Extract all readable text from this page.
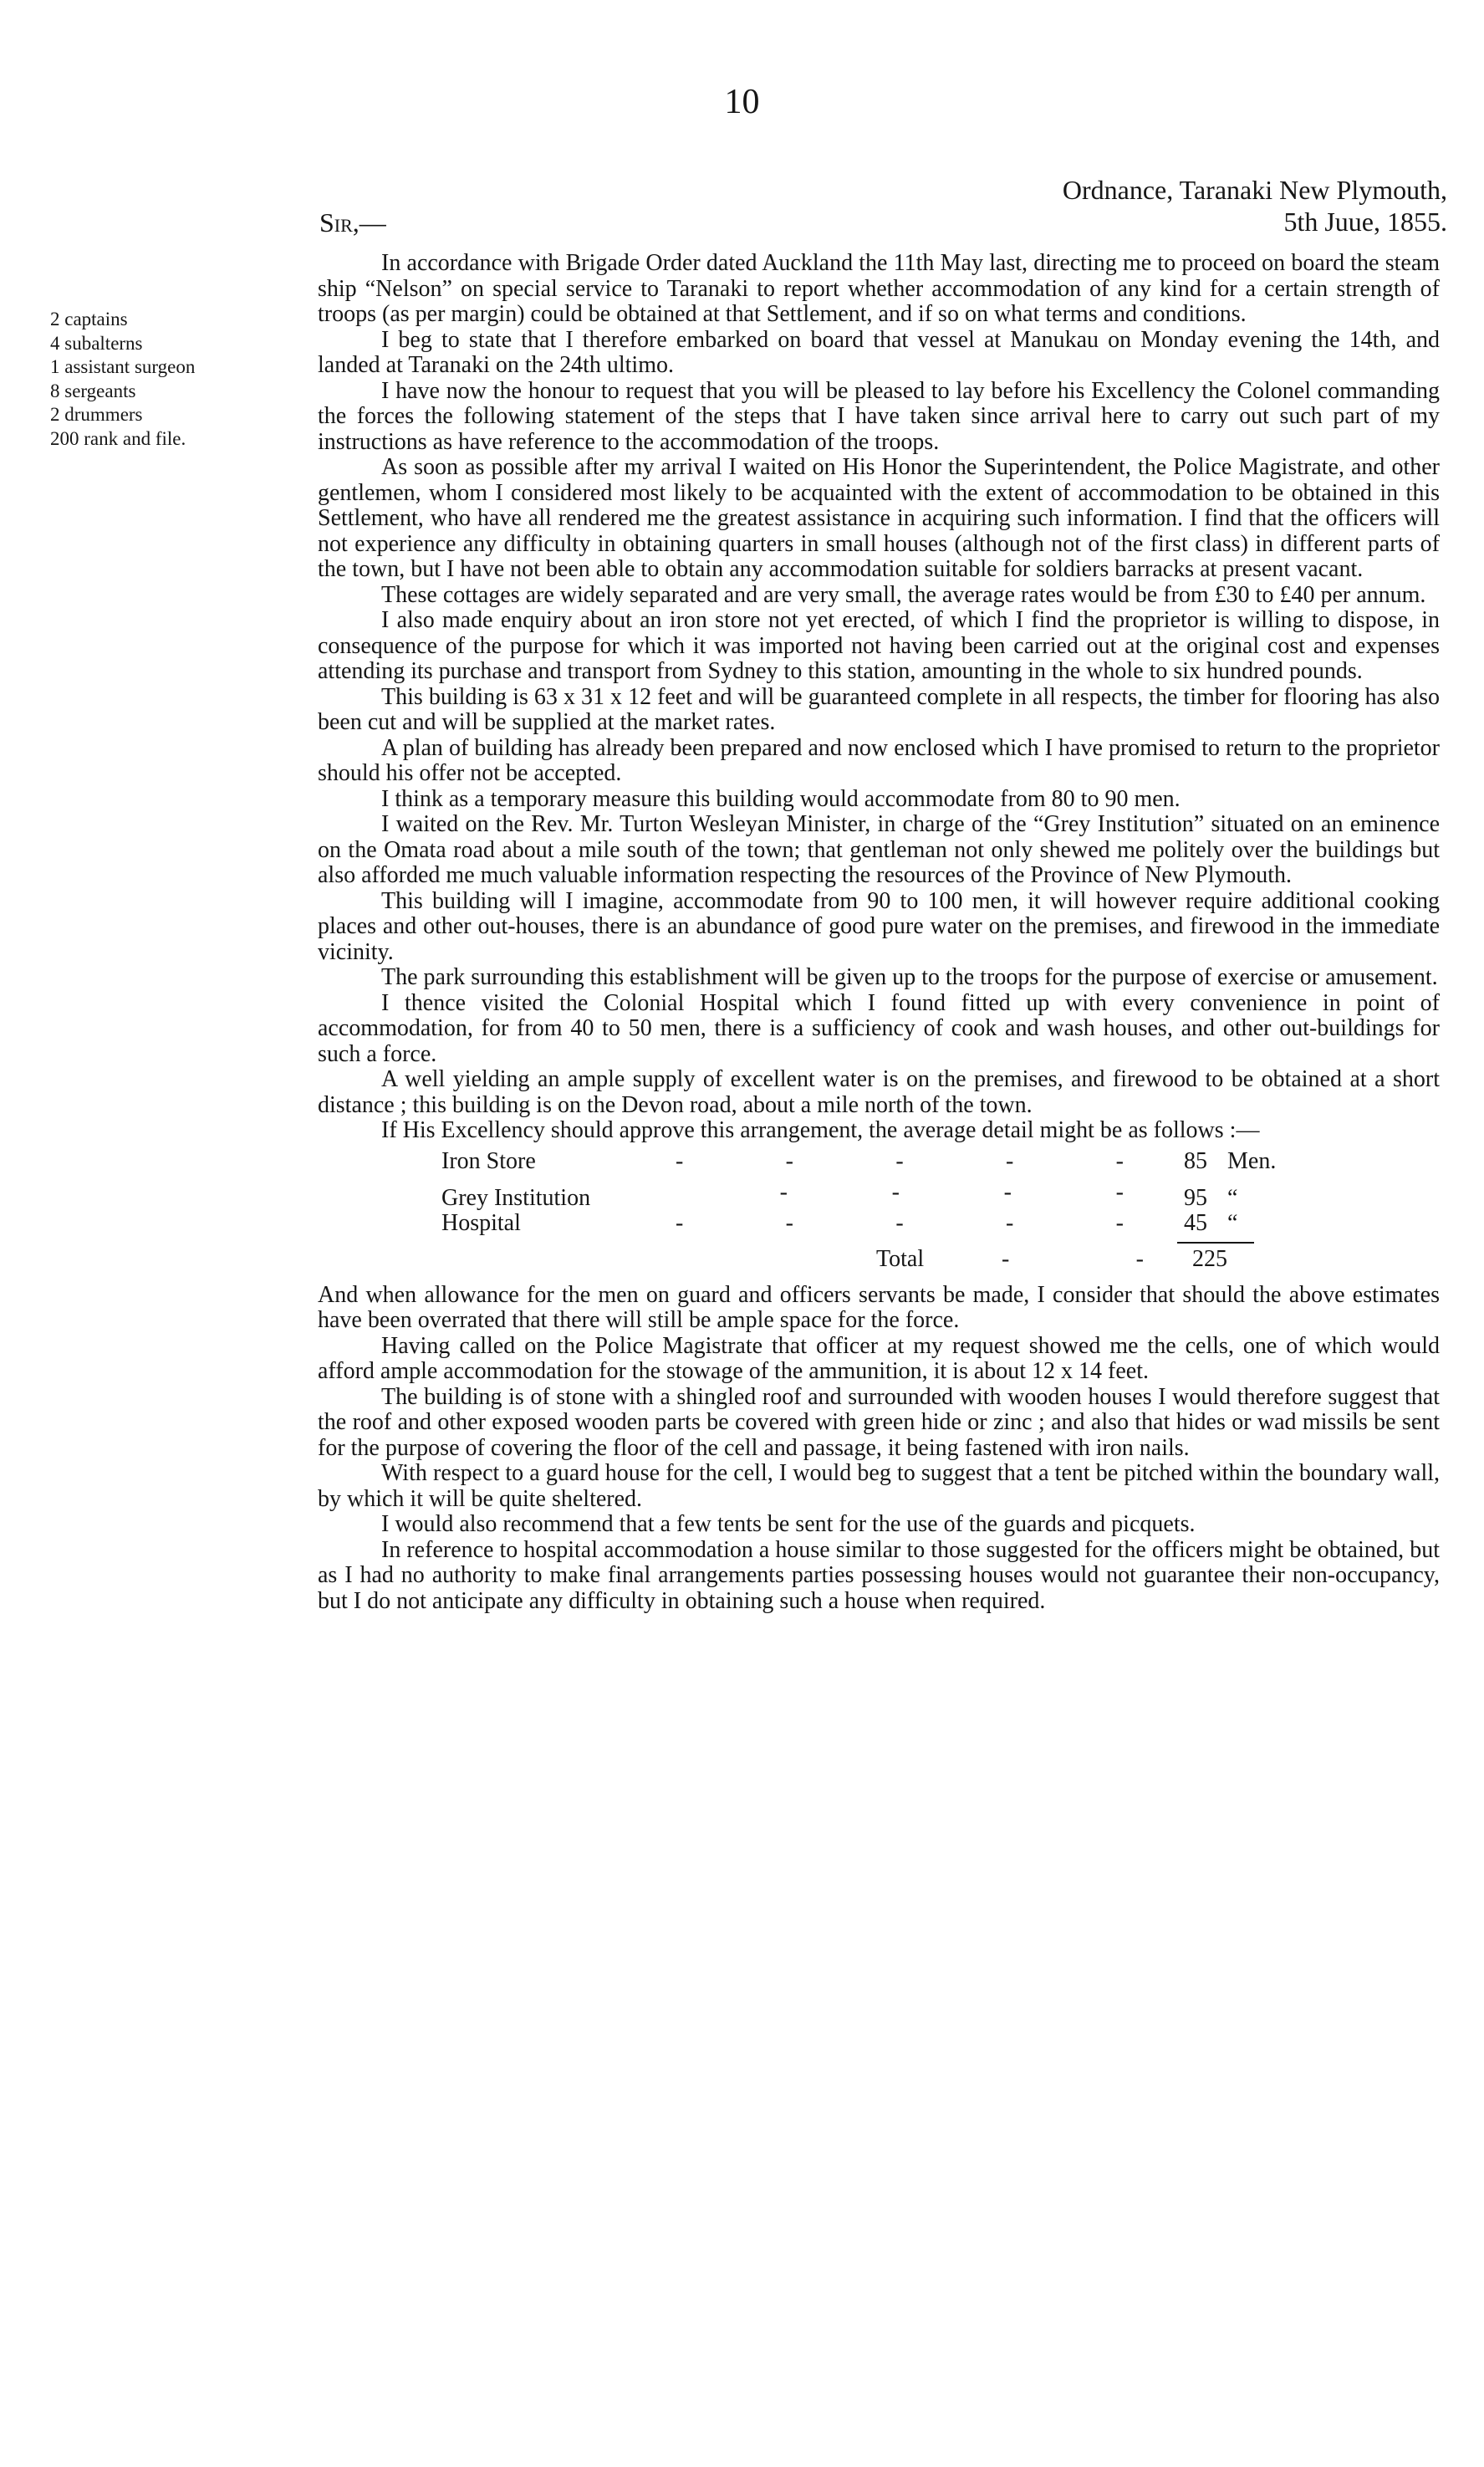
10
Ordnance, Taranaki New Plymouth,
5th Juue, 1855.
Sir,—
2 captains
4 subalterns
1 assistant surgeon
8 sergeants
2 drummers
200 rank and file.

In accordance with Brigade Order dated Auckland the 11th May last, directing me to proceed on board the steam ship “Nelson” on special service to Taranaki to report whether accommodation of any kind for a certain strength of troops (as per margin) could be obtained at that Settlement, and if so on what terms and conditions.

I beg to state that I therefore embarked on board that vessel at Manukau on Monday evening the 14th, and landed at Taranaki on the 24th ultimo.

I have now the honour to request that you will be pleased to lay before his Excellency the Colonel commanding the forces the following statement of the steps that I have taken since arrival here to carry out such part of my instructions as have reference to the accommodation of the troops.

As soon as possible after my arrival I waited on His Honor the Superintendent, the Police Magistrate, and other gentlemen, whom I considered most likely to be acquainted with the extent of accommodation to be obtained in this Settlement, who have all rendered me the greatest assistance in acquiring such information. I find that the officers will not experience any difficulty in obtaining quarters in small houses (although not of the first class) in different parts of the town, but I have not been able to obtain any accommodation suitable for soldiers barracks at present vacant.

These cottages are widely separated and are very small, the average rates would be from £30 to £40 per annum.

I also made enquiry about an iron store not yet erected, of which I find the proprietor is willing to dispose, in consequence of the purpose for which it was imported not having been carried out at the original cost and expenses attending its purchase and transport from Sydney to this station, amounting in the whole to six hundred pounds.

This building is 63 x 31 x 12 feet and will be guaranteed complete in all respects, the timber for flooring has also been cut and will be supplied at the market rates.

A plan of building has already been prepared and now enclosed which I have promised to return to the proprietor should his offer not be accepted.

I think as a temporary measure this building would accommodate from 80 to 90 men.

I waited on the Rev. Mr. Turton Wesleyan Minister, in charge of the “Grey Institution” situated on an eminence on the Omata road about a mile south of the town; that gentleman not only shewed me politely over the buildings but also afforded me much valuable information respecting the resources of the Province of New Plymouth.

This building will I imagine, accommodate from 90 to 100 men, it will however require additional cooking places and other out-houses, there is an abundance of good pure water on the premises, and firewood in the immediate vicinity.

The park surrounding this establishment will be given up to the troops for the purpose of exercise or amusement.

I thence visited the Colonial Hospital which I found fitted up with every convenience in point of accommodation, for from 40 to 50 men, there is a sufficiency of cook and wash houses, and other out-buildings for such a force.

A well yielding an ample supply of excellent water is on the premises, and firewood to be obtained at a short distance ; this building is on the Devon road, about a mile north of the town.

If His Excellency should approve this arrangement, the average detail might be as follows :—

Iron Store	-	-	-	-	-	85 Men.
Grey Institution	-	-	-	-	95 “
Hospital	-	-	-	-	-	45 “
Total	-	-	225

And when allowance for the men on guard and officers servants be made, I consider that should the above estimates have been overrated that there will still be ample space for the force.

Having called on the Police Magistrate that officer at my request showed me the cells, one of which would afford ample accommodation for the stowage of the ammunition, it is about 12 x 14 feet.

The building is of stone with a shingled roof and surrounded with wooden houses I would therefore suggest that the roof and other exposed wooden parts be covered with green hide or zinc ; and also that hides or wad missils be sent for the purpose of covering the floor of the cell and passage, it being fastened with iron nails.

With respect to a guard house for the cell, I would beg to suggest that a tent be pitched within the boundary wall, by which it will be quite sheltered.

I would also recommend that a few tents be sent for the use of the guards and picquets.

In reference to hospital accommodation a house similar to those suggested for the officers might be obtained, but as I had no authority to make final arrangements parties possessing houses would not guarantee their non-occupancy, but I do not anticipate any difficulty in obtaining such a house when required.
